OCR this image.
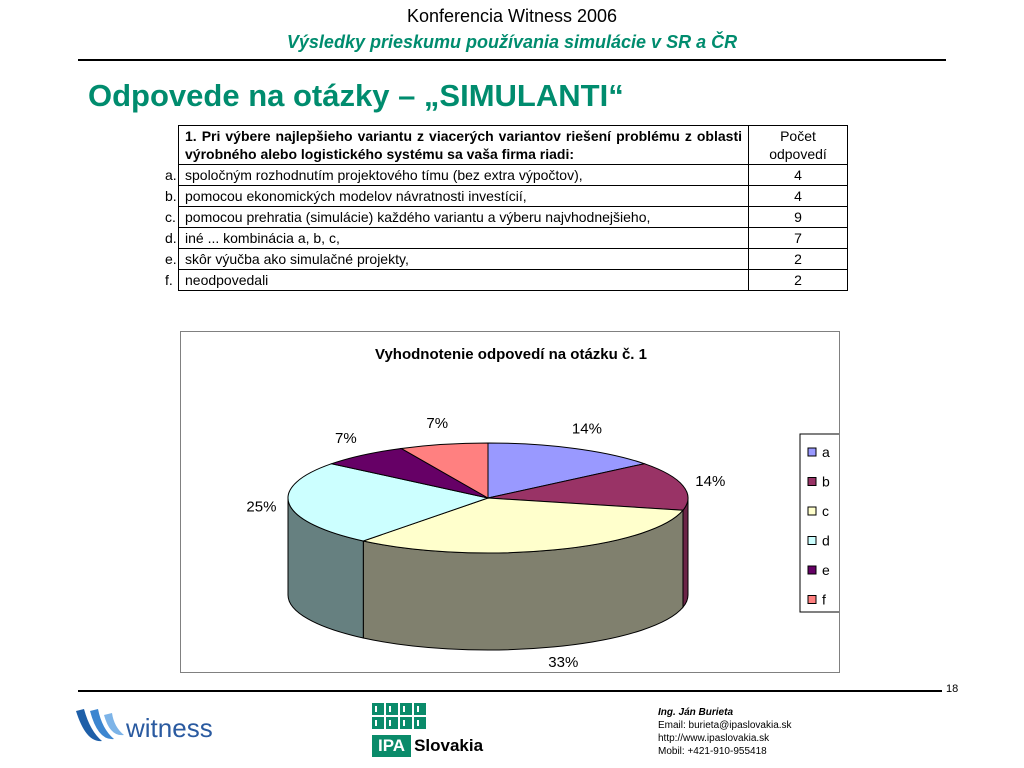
Konferencia Witness 2006
Výsledky prieskumu používania simulácie v SR a ČR
Odpovede na otázky – „SIMULANTI“
1. Pri výbere najlepšieho variantu z viacerých variantov riešení problému z oblasti výrobného alebo logistického systému sa vaša firma riadi:	Počet odpovedí
a. spoločným rozhodnutím projektového tímu (bez extra výpočtov),	4
b. pomocou ekonomických modelov návratnosti investícií,	4
c. pomocou prehratia (simulácie) každého variantu a výberu najvhodnejšieho,	9
d. iné ... kombinácia a, b, c,	7
e. skôr výučba ako simulačné projekty,	2
f. neodpovedali	2
Vyhodnotenie odpovedí na otázku č. 1
14%
14%
33%
25%
7%
7%
a
b
c
d
e
f
18
witness
IPA Slovakia
Ing. Ján Burieta
Email: burieta@ipaslovakia.sk
http://www.ipaslovakia.sk
Mobil: +421-910-955418
